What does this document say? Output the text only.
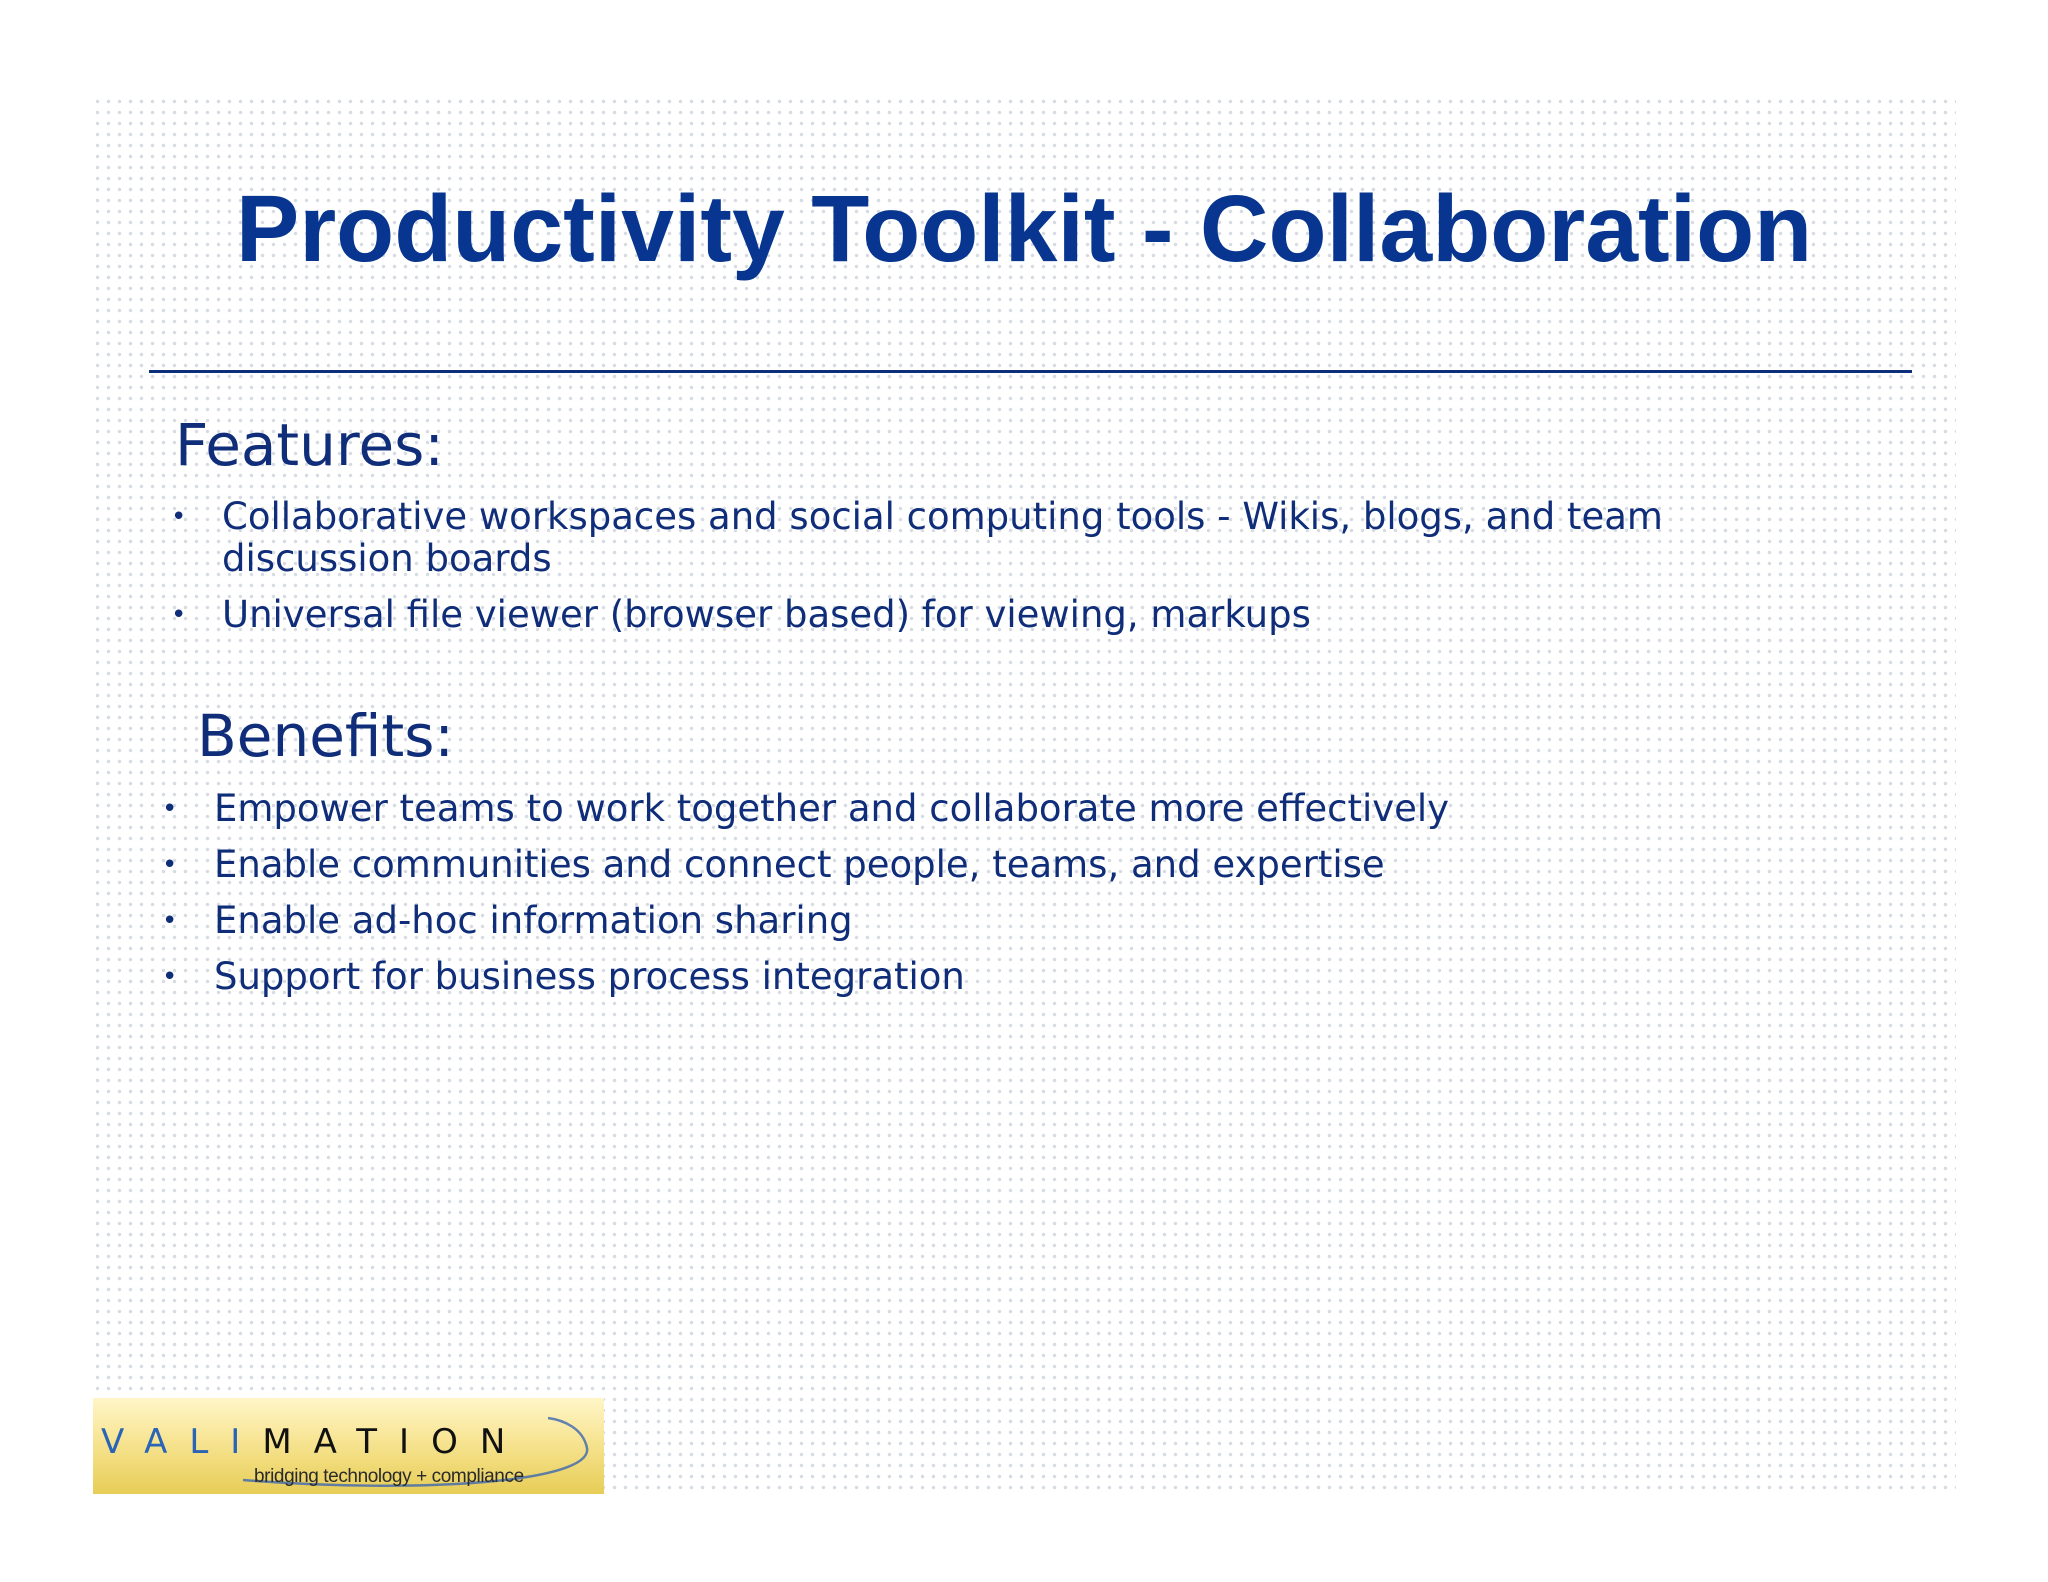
Productivity Toolkit - Collaboration
Features:
• Collaborative workspaces and social computing tools - Wikis, blogs, and team discussion boards
• Universal file viewer (browser based) for viewing, markups
Benefits:
• Empower teams to work together and collaborate more effectively
• Enable communities and connect people, teams, and expertise
• Enable ad-hoc information sharing
• Support for business process integration
VALIMATION
bridging technology + compliance
